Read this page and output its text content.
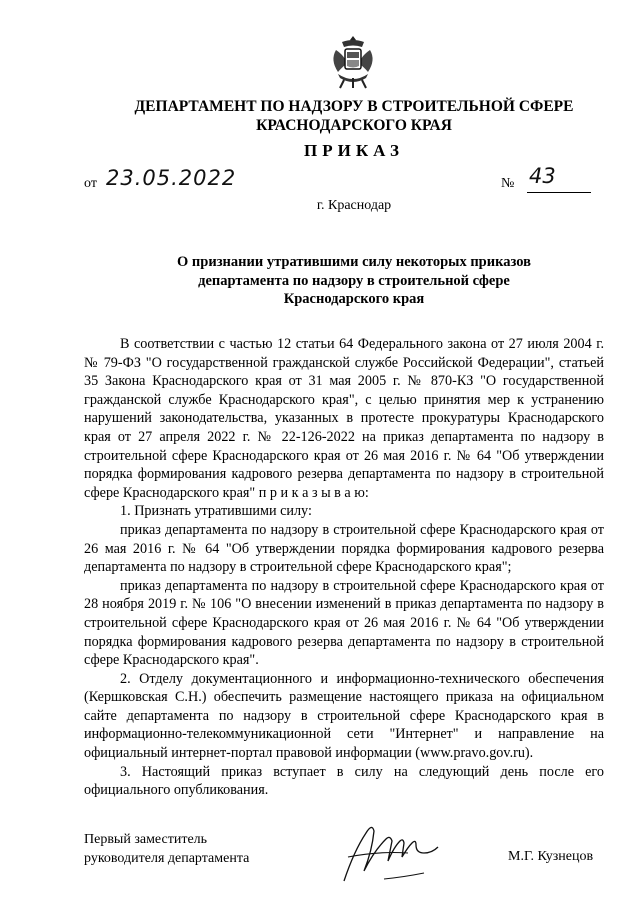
ДЕПАРТАМЕНТ ПО НАДЗОРУ В СТРОИТЕЛЬНОЙ СФЕРЕ
КРАСНОДАРСКОГО КРАЯ
ПРИКАЗ
от 23.05.2022	№ 43
г. Краснодар
О признании утратившими силу некоторых приказов
департамента по надзору в строительной сфере
Краснодарского края

В соответствии с частью 12 статьи 64 Федерального закона от 27 июля 2004 г. № 79-ФЗ "О государственной гражданской службе Российской Федерации", статьей 35 Закона Краснодарского края от 31 мая 2005 г. № 870-КЗ "О государственной гражданской службе Краснодарского края", с целью принятия мер к устранению нарушений законодательства, указанных в протесте прокуратуры Краснодарского края от 27 апреля 2022 г. № 22-126-2022 на приказ департамента по надзору в строительной сфере Краснодарского края от 26 мая 2016 г. № 64 "Об утверждении порядка формирования кадрового резерва департамента по надзору в строительной сфере Краснодарского края" п р и к а з ы в а ю:

1. Признать утратившими силу:

приказ департамента по надзору в строительной сфере Краснодарского края от 26 мая 2016 г. № 64 "Об утверждении порядка формирования кадрового резерва департамента по надзору в строительной сфере Краснодарского края";

приказ департамента по надзору в строительной сфере Краснодарского края от 28 ноября 2019 г. № 106 "О внесении изменений в приказ департамента по надзору в строительной сфере Краснодарского края от 26 мая 2016 г. № 64 "Об утверждении порядка формирования кадрового резерва департамента по надзору в строительной сфере Краснодарского края".

2. Отделу документационного и информационно-технического обеспечения (Кершковская С.Н.) обеспечить размещение настоящего приказа на официальном сайте департамента по надзору в строительной сфере Краснодарского края в информационно-телекоммуникационной сети "Интернет" и направление на официальный интернет-портал правовой информации (www.pravo.gov.ru).

3. Настоящий приказ вступает в силу на следующий день после его официального опубликования.

Первый заместитель
руководителя департамента	М.Г. Кузнецов
